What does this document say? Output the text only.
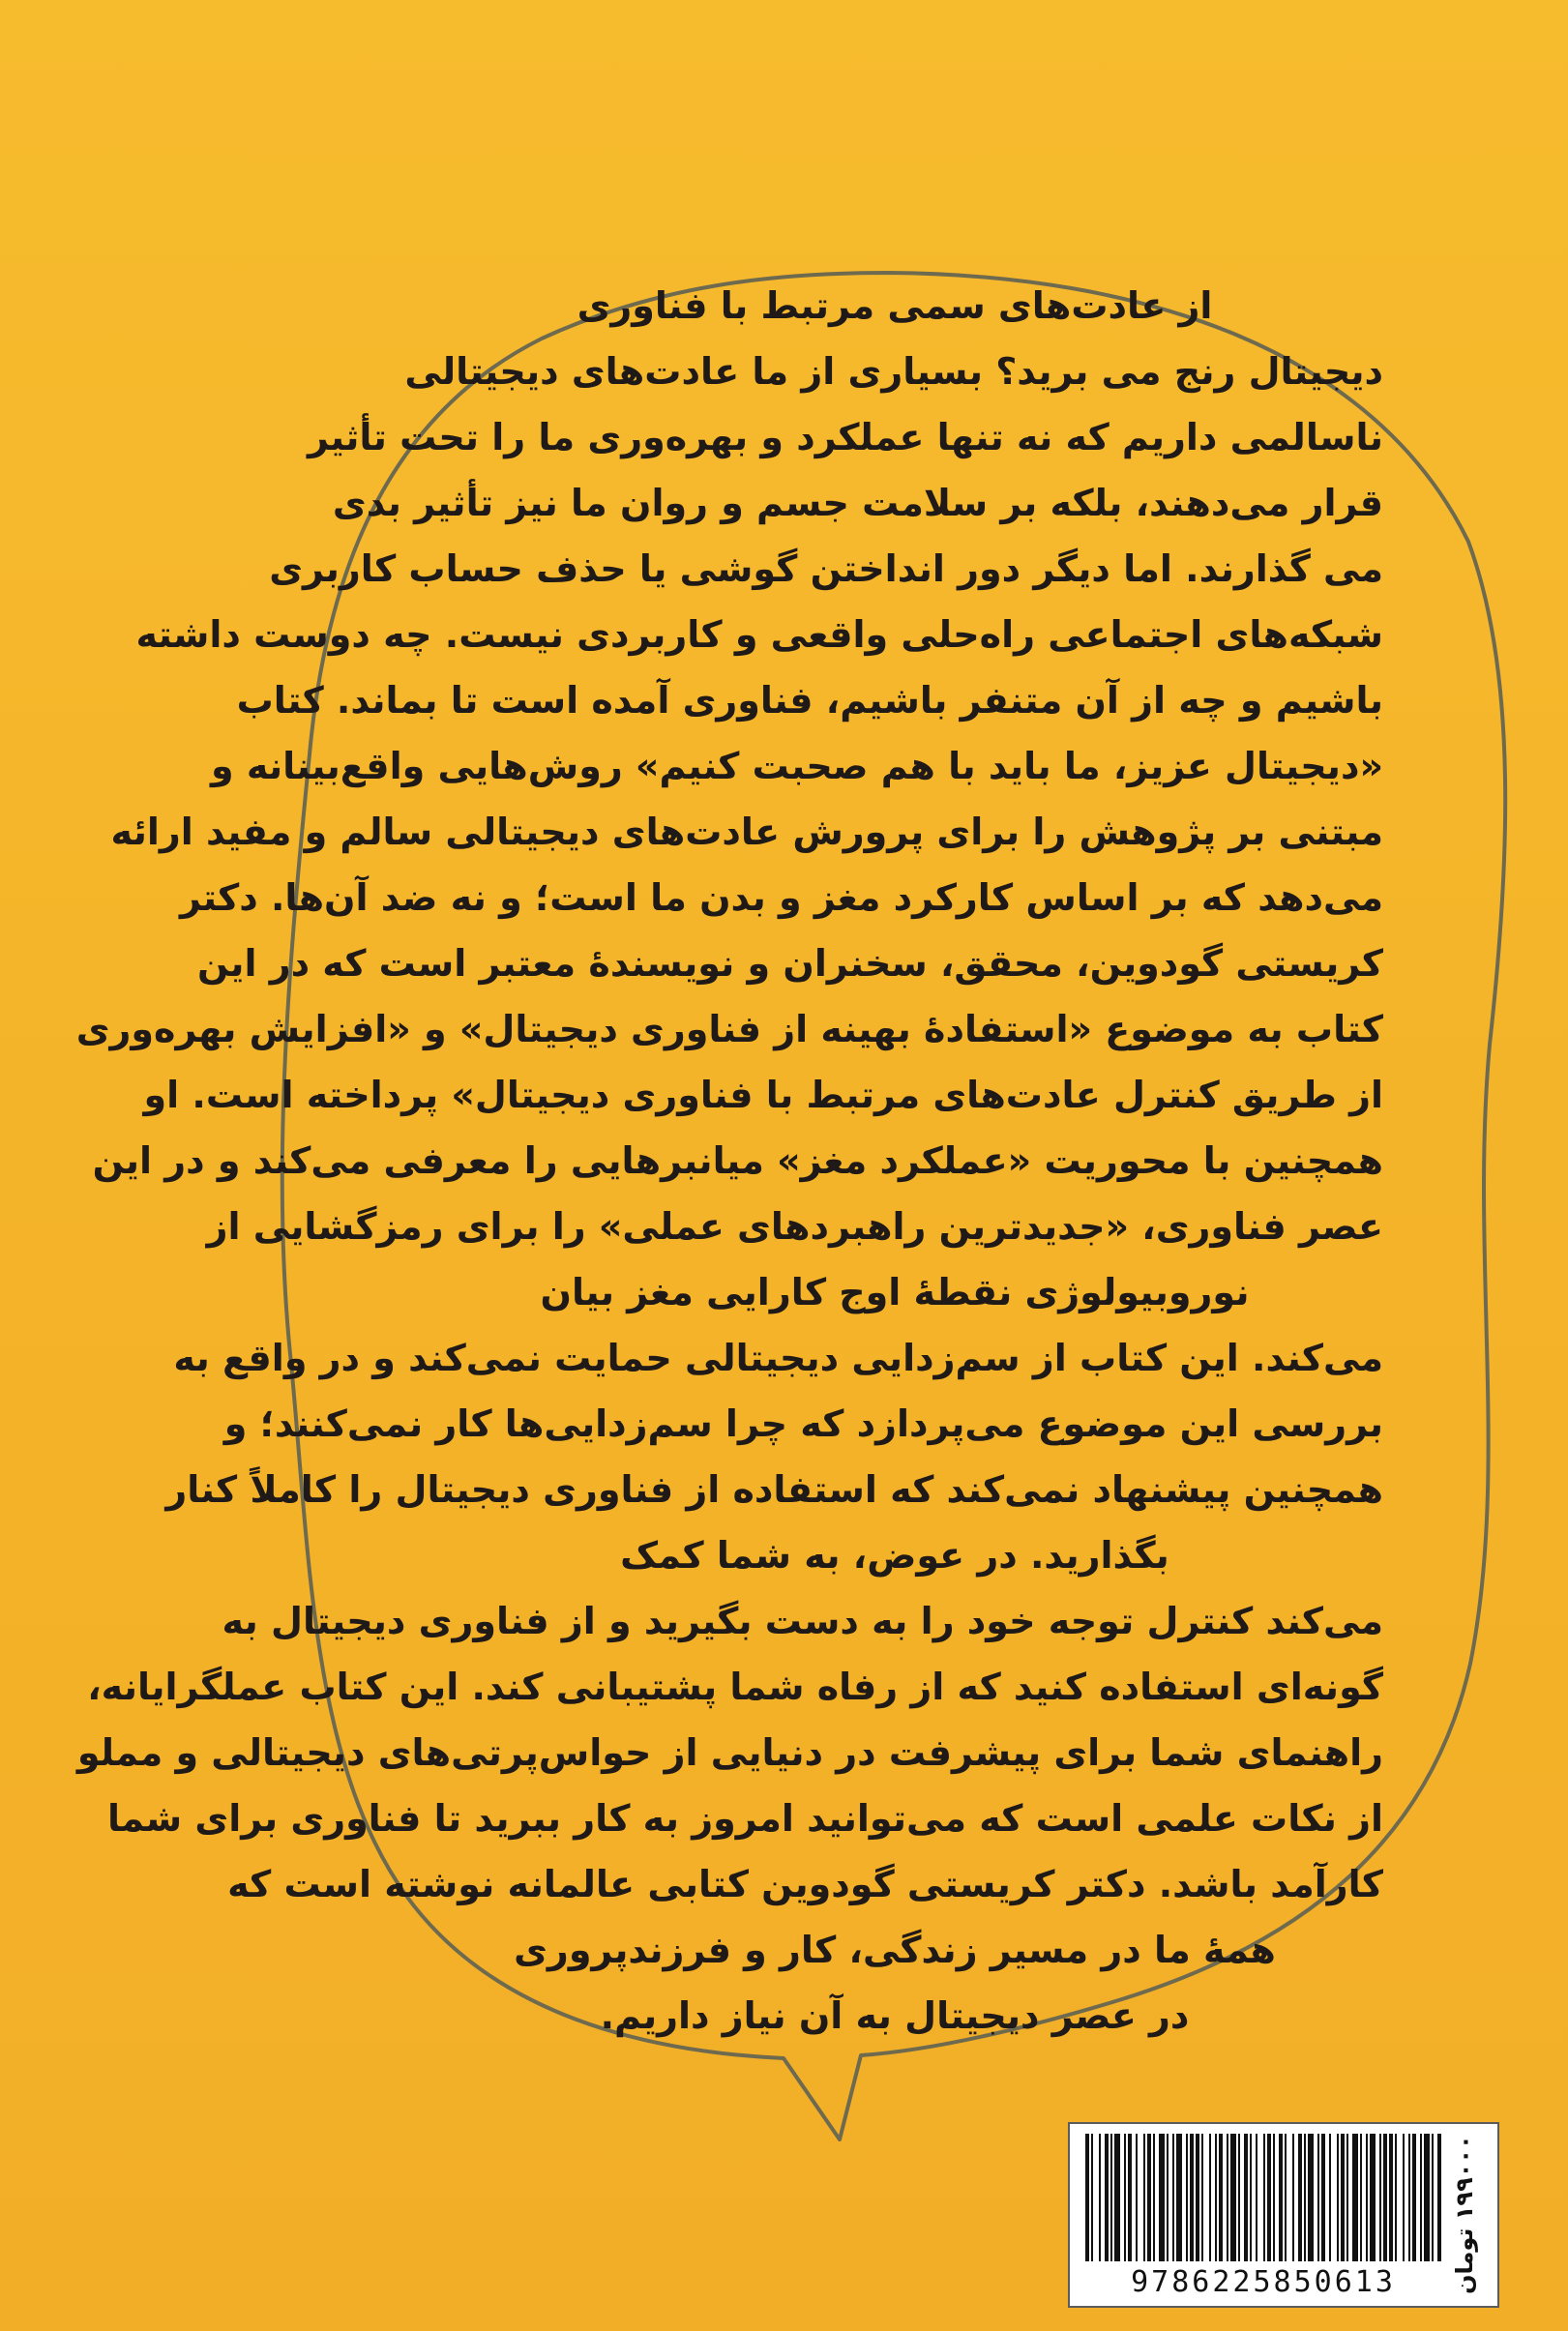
از عادت‌های سمی مرتبط با فناوری
دیجیتال رنج می برید؟ بسیاری از ما عادت‌های دیجیتالی
ناسالمی داریم که نه تنها عملکرد و بهره‌وری ما را تحت تأثیر
قرار می‌دهند، بلکه بر سلامت جسم و روان ما نیز تأثیر بدی
می گذارند. اما دیگر دور انداختن گوشی یا حذف حساب کاربری
شبکه‌های اجتماعی راه‌حلی واقعی و کاربردی نیست. چه دوست داشته
باشیم و چه از آن متنفر باشیم، فناوری آمده است تا بماند. کتاب
«دیجیتال عزیز، ما باید با هم صحبت کنیم» روش‌هایی واقع‌بینانه و
مبتنی بر پژوهش را برای پرورش عادت‌های دیجیتالی سالم و مفید ارائه
می‌دهد که بر اساس کارکرد مغز و بدن ما است؛ و نه ضد آن‌ها. دکتر
کریستی گودوین، محقق، سخنران و نویسندهٔ معتبر است که در این
کتاب به موضوع «استفادهٔ بهینه از فناوری دیجیتال» و «افزایش بهره‌وری
از طریق کنترل عادت‌های مرتبط با فناوری دیجیتال» پرداخته است. او
همچنین با محوریت «عملکرد مغز» میانبرهایی را معرفی می‌کند و در این
عصر فناوری، «جدیدترین راهبردهای عملی» را برای رمزگشایی از
نوروبیولوژی نقطهٔ اوج کارایی مغز بیان
می‌کند. این کتاب از سم‌زدایی دیجیتالی حمایت نمی‌کند و در واقع به
بررسی این موضوع می‌پردازد که چرا سم‌زدایی‌ها کار نمی‌کنند؛ و
همچنین پیشنهاد نمی‌کند که استفاده از فناوری دیجیتال را کاملاً کنار
بگذارید. در عوض، به شما کمک
می‌کند کنترل توجه خود را به دست بگیرید و از فناوری دیجیتال به
گونه‌ای استفاده کنید که از رفاه شما پشتیبانی کند. این کتاب عملگرایانه،
راهنمای شما برای پیشرفت در دنیایی از حواس‌پرتی‌های دیجیتالی و مملو
از نکات علمی است که می‌توانید امروز به کار ببرید تا فناوری برای شما
کارآمد باشد. دکتر کریستی گودوین کتابی عالمانه نوشته است که
همهٔ ما در مسیر زندگی، کار و فرزندپروری
در عصر دیجیتال به آن نیاز داریم.
9786225850613	۱۹۹۰۰۰ تومان
